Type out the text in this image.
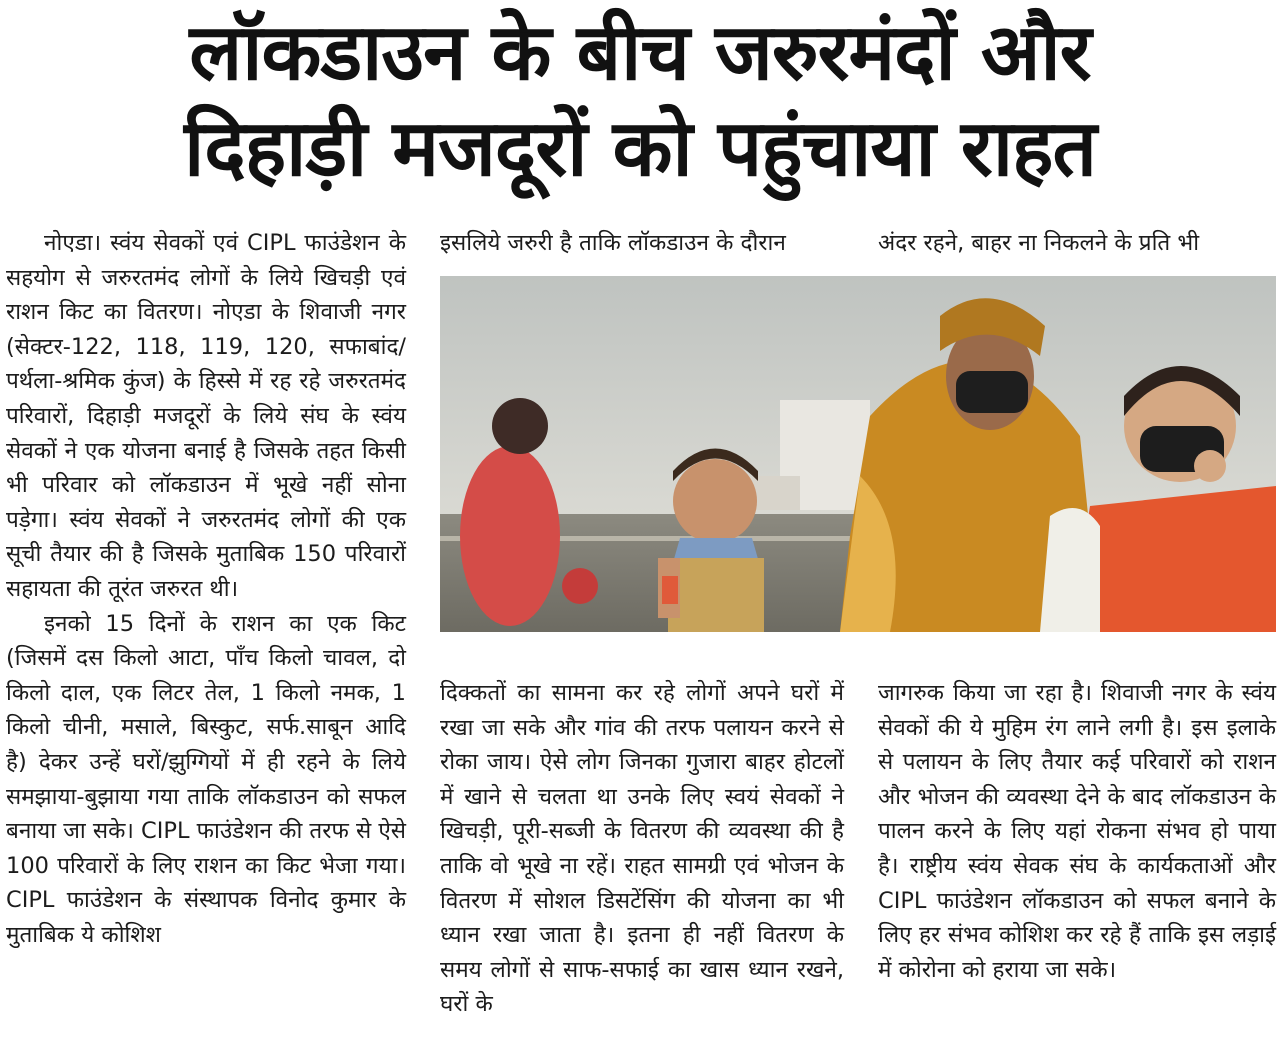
लॉकडाउन के बीच जरुरमंदों और
दिहाड़ी मजदूरों को पहुंचाया राहत

नोएडा। स्वंय सेवकों एवं CIPL फाउंडेशन के सहयोग से जरुरतमंद लोगों के लिये खिचड़ी एवं राशन किट का वितरण। नोएडा के शिवाजी नगर (सेक्टर-122, 118, 119, 120, सफाबांद/पर्थला-श्रमिक कुंज) के हिस्से में रह रहे जरुरतमंद परिवारों, दिहाड़ी मजदूरों के लिये संघ के स्वंय सेवकों ने एक योजना बनाई है जिसके तहत किसी भी परिवार को लॉकडाउन में भूखे नहीं सोना पड़ेगा। स्वंय सेवकों ने जरुरतमंद लोगों की एक सूची तैयार की है जिसके मुताबिक 150 परिवारों सहायता की तूरंत जरुरत थी।

इनको 15 दिनों के राशन का एक किट (जिसमें दस किलो आटा, पाँच किलो चावल, दो किलो दाल, एक लिटर तेल, 1 किलो नमक, 1 किलो चीनी, मसाले, बिस्कुट, सर्फ.साबून आदि है) देकर उन्हें घरों/झुग्गियों में ही रहने के लिये समझाया-बुझाया गया ताकि लॉकडाउन को सफल बनाया जा सके। CIPL फाउंडेशन की तरफ से ऐसे 100 परिवारों के लिए राशन का किट भेजा गया। CIPL फाउंडेशन के संस्थापक विनोद कुमार के मुताबिक ये कोशिश

इसलिये जरुरी है ताकि लॉकडाउन के दौरान	अंदर रहने, बाहर ना निकलने के प्रति भी

दिक्कतों का सामना कर रहे लोगों अपने घरों में रखा जा सके और गांव की तरफ पलायन करने से रोका जाय। ऐसे लोग जिनका गुजारा बाहर होटलों में खाने से चलता था उनके लिए स्वयं सेवकों ने खिचड़ी, पूरी-सब्जी के वितरण की व्यवस्था की है ताकि वो भूखे ना रहें। राहत सामग्री एवं भोजन के वितरण में सोशल डिसटेंसिंग की योजना का भी ध्यान रखा जाता है। इतना ही नहीं वितरण के समय लोगों से साफ-सफाई का खास ध्यान रखने, घरों के

जागरुक किया जा रहा है। शिवाजी नगर के स्वंय सेवकों की ये मुहिम रंग लाने लगी है। इस इलाके से पलायन के लिए तैयार कई परिवारों को राशन और भोजन की व्यवस्था देने के बाद लॉकडाउन के पालन करने के लिए यहां रोकना संभव हो पाया है। राष्ट्रीय स्वंय सेवक संघ के कार्यकताओं और CIPL फाउंडेशन लॉकडाउन को सफल बनाने के लिए हर संभव कोशिश कर रहे हैं ताकि इस लड़ाई में कोरोना को हराया जा सके।
